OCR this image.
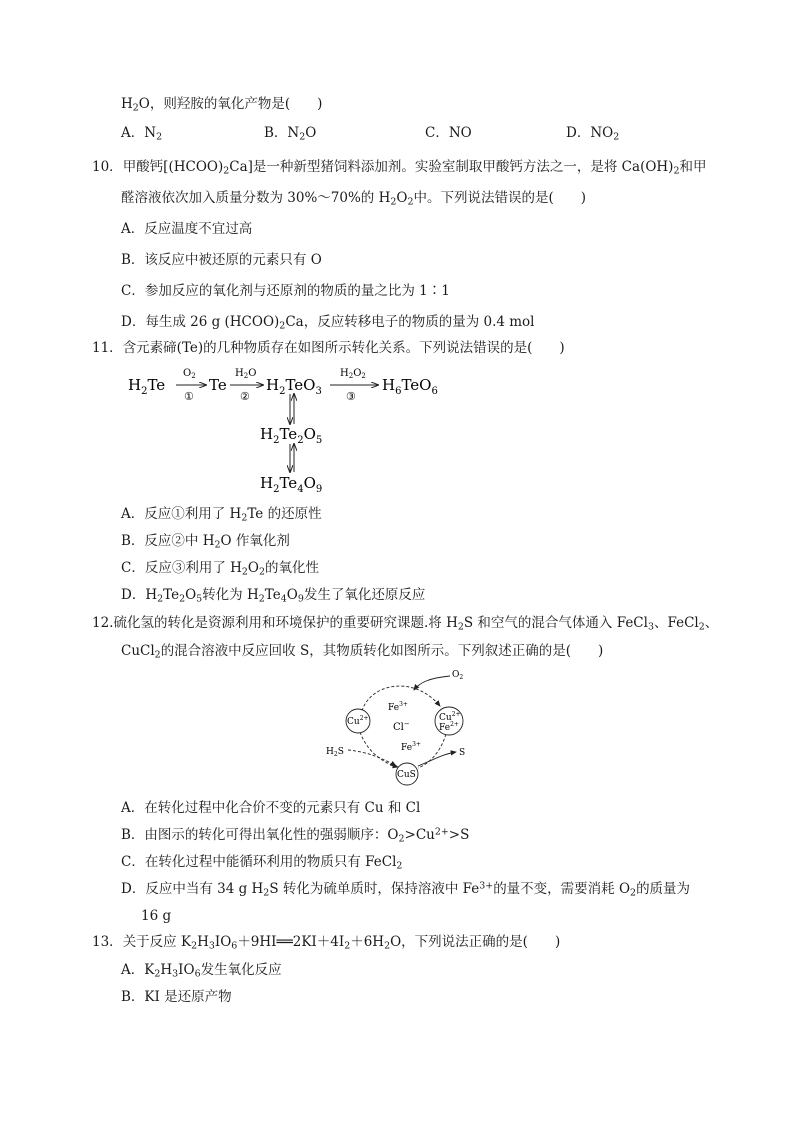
$H_2O$，则羟胺的氧化产物是(　　)
A．$N_2$	B．$N_2O$	C．NO	D．$NO_2$
10．甲酸钙$[(HCOO)_2Ca]$是一种新型猪饲料添加剂。实验室制取甲酸钙方法之一，是将 $Ca(OH)_2$和甲
醛溶液依次加入质量分数为 30%～70%的 $H_2O_2$中。下列说法错误的是(　　)
A．反应温度不宜过高
B．该反应中被还原的元素只有 O
C．参加反应的氧化剂与还原剂的物质的量之比为 1∶1
D．每生成 26 g $(HCOO)_2Ca$，反应转移电子的物质的量为 0.4 mol
11．含元素碲(Te)的几种物质存在如图所示转化关系。下列说法错误的是(　　)
$H_2Te$	Te	$H_2TeO_3$	$H_6TeO_6$
$O_2$
①
$H_2O$
②
$H_2O_2$
③
$H_2Te_2O_5$
$H_2Te_4O_9$
A．反应①利用了 $H_2Te$ 的还原性
B．反应②中 $H_2O$ 作氧化剂
C．反应③利用了 $H_2O_2$的氧化性
D．$H_2Te_2O_5$转化为 $H_2Te_4O_9$发生了氧化还原反应
12.硫化氢的转化是资源利用和环境保护的重要研究课题.将 $H_2S$ 和空气的混合气体通入 FeCl$_3$、FeCl$_2$、
CuCl$_2$的混合溶液中反应回收 S，其物质转化如图所示。下列叙述正确的是(　　)
$O_2$
$H_2S$	S
$Cu^{2+}$	$Cu^{2+}$
$Fe^{2+}$
CuS
$Fe^{3+}$
Cl−
$Fe^{3+}$
A．在转化过程中化合价不变的元素只有 Cu 和 Cl
B．由图示的转化可得出氧化性的强弱顺序：$O_2>Cu^{2+}>S$
C．在转化过程中能循环利用的物质只有 FeCl$_2$
D．反应中当有 34 g $H_2S$ 转化为硫单质时，保持溶液中 $Fe^{3+}$的量不变，需要消耗 $O_2$的质量为
16 g
13．关于反应 $K_2H_3IO_6+9HI══2KI+4I_2+6H_2O$，下列说法正确的是(　　)
A．$K_2H_3IO_6$发生氧化反应
B．KI 是还原产物
